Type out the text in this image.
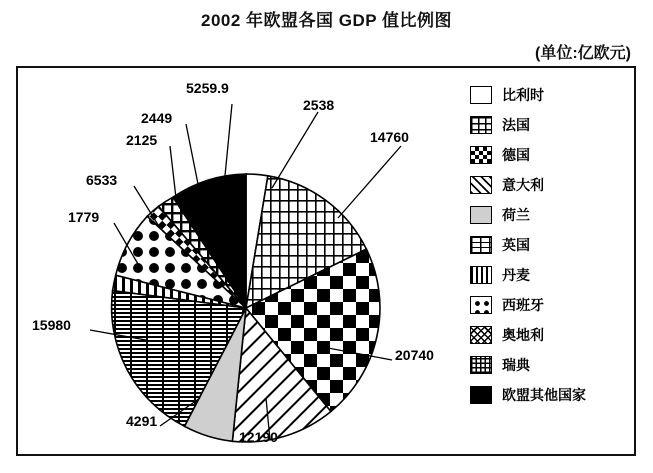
2002 年欧盟各国 GDP 值比例图
(单位:亿欧元)
5259.9
2538
14760
2449
2125
6533
1779
15980
20740
4291
12190
比利时
法国
德国
意大利
荷兰
英国
丹麦
西班牙
奥地利
瑞典
欧盟其他国家
